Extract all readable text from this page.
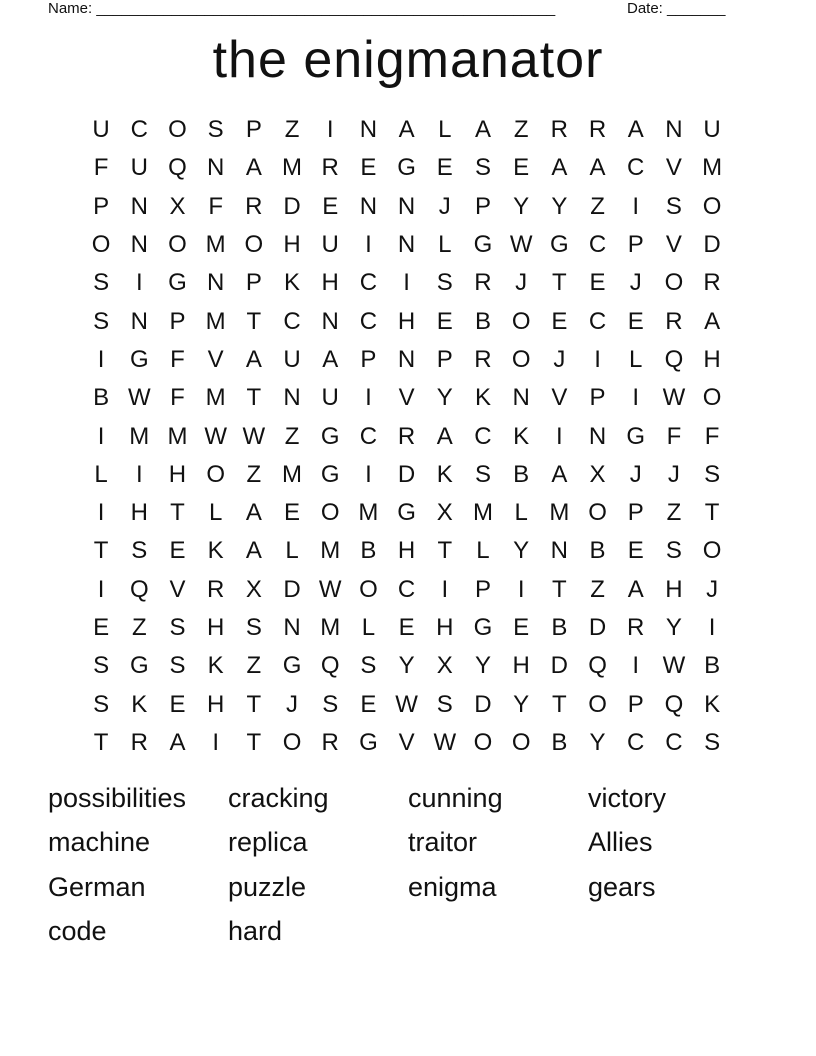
Name: _______________________________________________________	Date: _______
the enigmanator
U C O S P Z	I	N A L A Z R R A N U
F U Q N A M R E G E S E A A C V M
P N X F R D E N N J	P Y Y Z	I	S O
O N O M O H U	I	N L G W G C P V D
S	I	G N P K H C	I	S R J	T E	J O R
S N P M T C N C H E B O E C E R A
I	G F V A U A P N P R O J	I	L Q H
B W F M T N U	I	V Y K N V P	I W O
I	M M W W Z G C R A C K	I	N G F F
L	I	H O Z M G	I	D K S B A X	J	J	S
I	H T	L A E O M G X M L M O P Z T
T S E K A L M B H T	L Y N B E S O
I	Q V R X D W O C	I	P	I	T Z A H J
E Z S H S N M L E H G E B D R Y	I
S G S K Z G Q S Y X Y H D Q	I W B
S K E H T	J	S E W S D Y T O P Q K
T R A	I	T O R G V W O O B Y C C S
possibilities	cracking	cunning	victory
machine	replica	traitor	Allies
German	puzzle	enigma	gears
code	hard
